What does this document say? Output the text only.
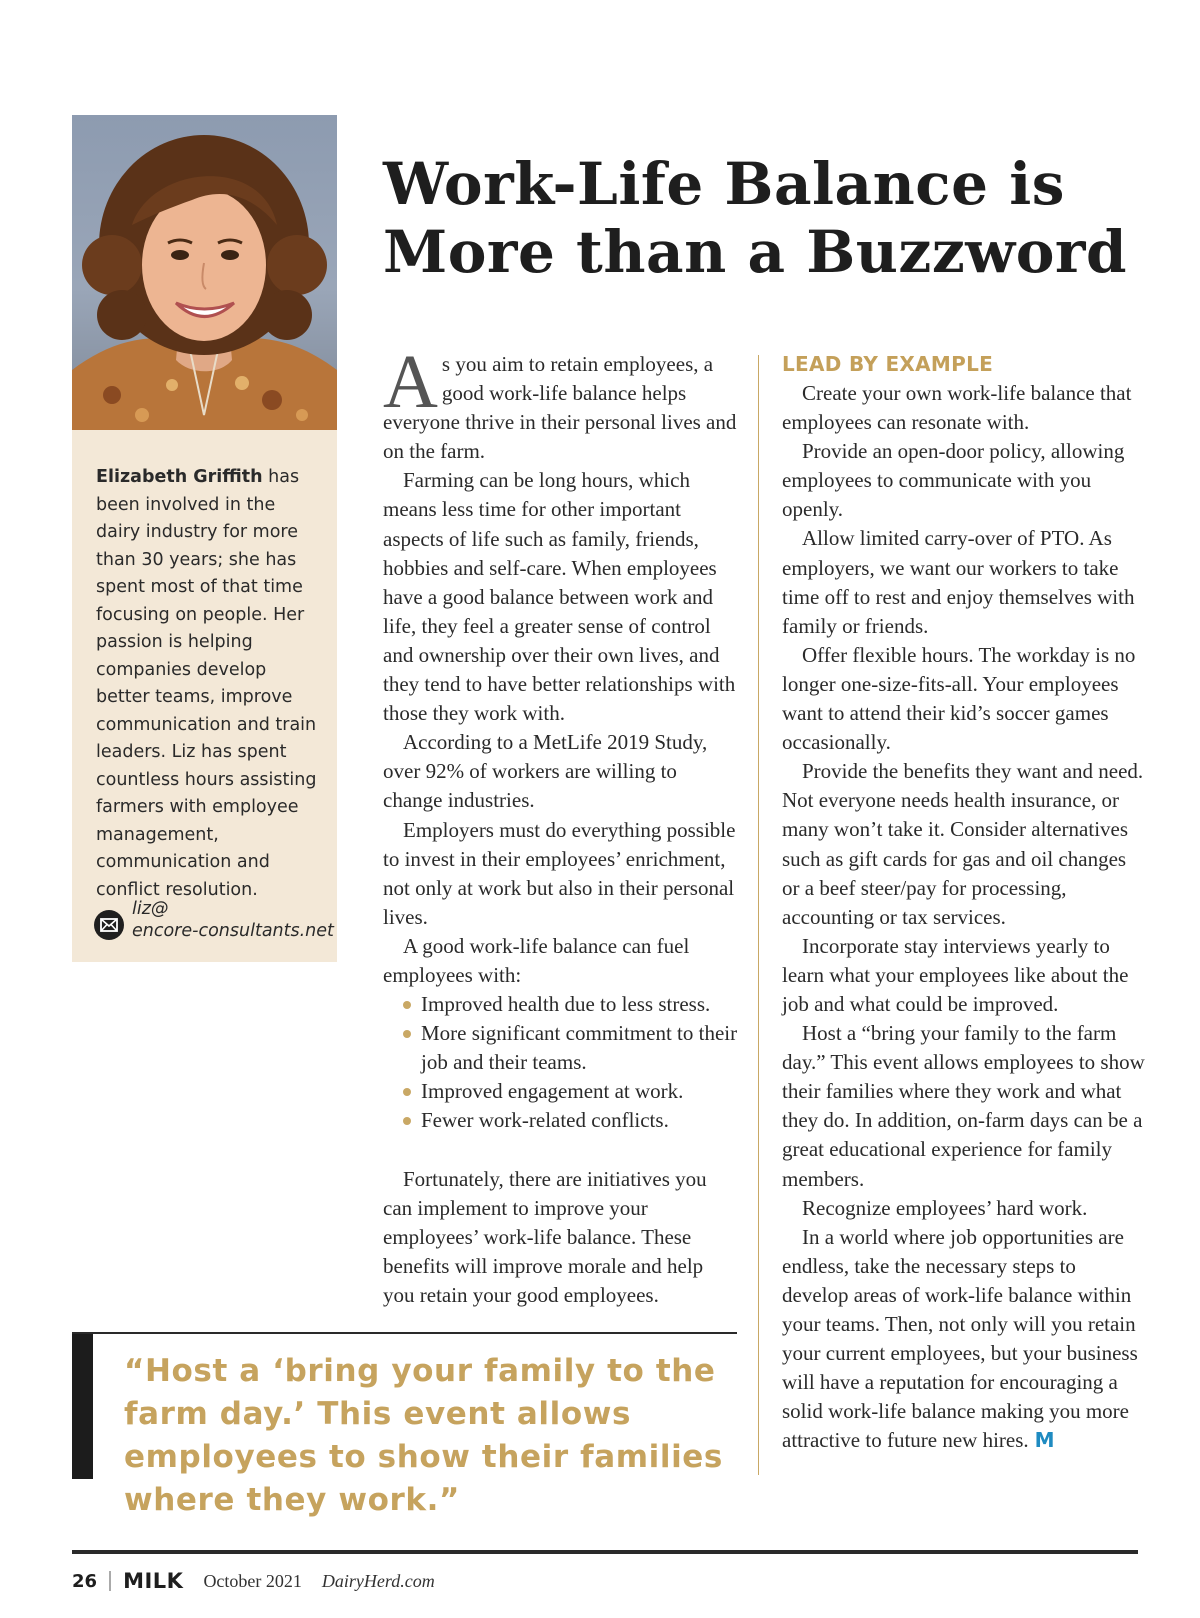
Elizabeth Griffith has been involved in the dairy industry for more than 30 years; she has spent most of that time focusing on people. Her passion is helping companies develop better teams, improve communication and train leaders. Liz has spent countless hours assisting farmers with employee management, communication and conflict resolution.
liz@
encore-consultants.net
Work-Life Balance is
More than a Buzzword

As you aim to retain employees, a good work-life balance helps everyone thrive in their personal lives and on the farm.

Farming can be long hours, which means less time for other important aspects of life such as family, friends, hobbies and self-care. When employees have a good balance between work and life, they feel a greater sense of control and ownership over their own lives, and they tend to have better relationships with those they work with.

According to a MetLife 2019 Study, over 92% of workers are willing to change industries.

Employers must do everything possible to invest in their employees’ enrichment, not only at work but also in their personal lives.

A good work-life balance can fuel employees with:

Improved health due to less stress.
More significant commitment to their job and their teams.
Improved engagement at work.
Fewer work-related conflicts.

Fortunately, there are initiatives you can implement to improve your employees’ work-life balance. These benefits will improve morale and help you retain your good employees.

LEAD BY EXAMPLE

Create your own work-life balance that employees can resonate with.

Provide an open-door policy, allowing employees to communicate with you openly.

Allow limited carry-over of PTO. As employers, we want our workers to take time off to rest and enjoy themselves with family or friends.

Offer flexible hours. The workday is no longer one-size-fits-all. Your employees want to attend their kid’s soccer games occasionally.

Provide the benefits they want and need. Not everyone needs health insurance, or many won’t take it. Consider alternatives such as gift cards for gas and oil changes or a beef steer/pay for processing, accounting or tax services.

Incorporate stay interviews yearly to learn what your employees like about the job and what could be improved.

Host a “bring your family to the farm day.” This event allows employees to show their families where they work and what they do. In addition, on-farm days can be a great educational experience for family members.

Recognize employees’ hard work.

In a world where job opportunities are endless, take the necessary steps to develop areas of work-life balance within your teams. Then, not only will you retain your current employees, but your business will have a reputation for encouraging a solid work-life balance making you more attractive to future new hires. M

“Host a ‘bring your family to the farm day.’ This event allows employees to show their families where they work.”

26 MILK October 2021 DairyHerd.com
